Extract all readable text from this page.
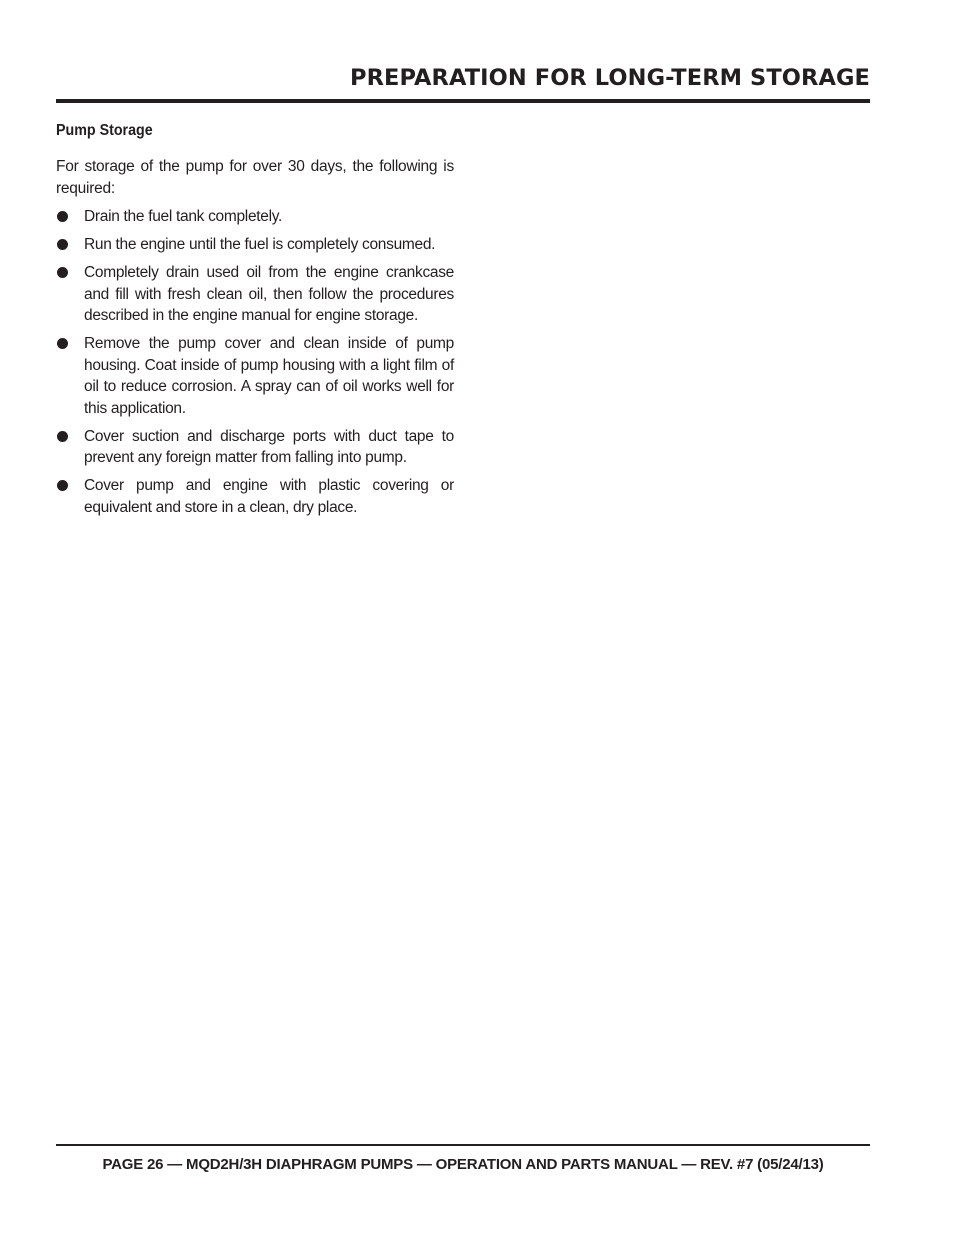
PREPARATION FOR LONG-TERM STORAGE
Pump Storage

For storage of the pump for over 30 days, the following is required:

Drain the fuel tank completely.
Run the engine until the fuel is completely consumed.
Completely drain used oil from the engine crankcase and fill with fresh clean oil, then follow the procedures described in the engine manual for engine storage.
Remove the pump cover and clean inside of pump housing. Coat inside of pump housing with a light film of oil to reduce corrosion. A spray can of oil works well for this application.
Cover suction and discharge ports with duct tape to prevent any foreign matter from falling into pump.
Cover pump and engine with plastic covering or equivalent and store in a clean, dry place.
PAGE 26 — MQD2H/3H DIAPHRAGM PUMPS — OPERATION AND PARTS MANUAL — REV. #7 (05/24/13)
